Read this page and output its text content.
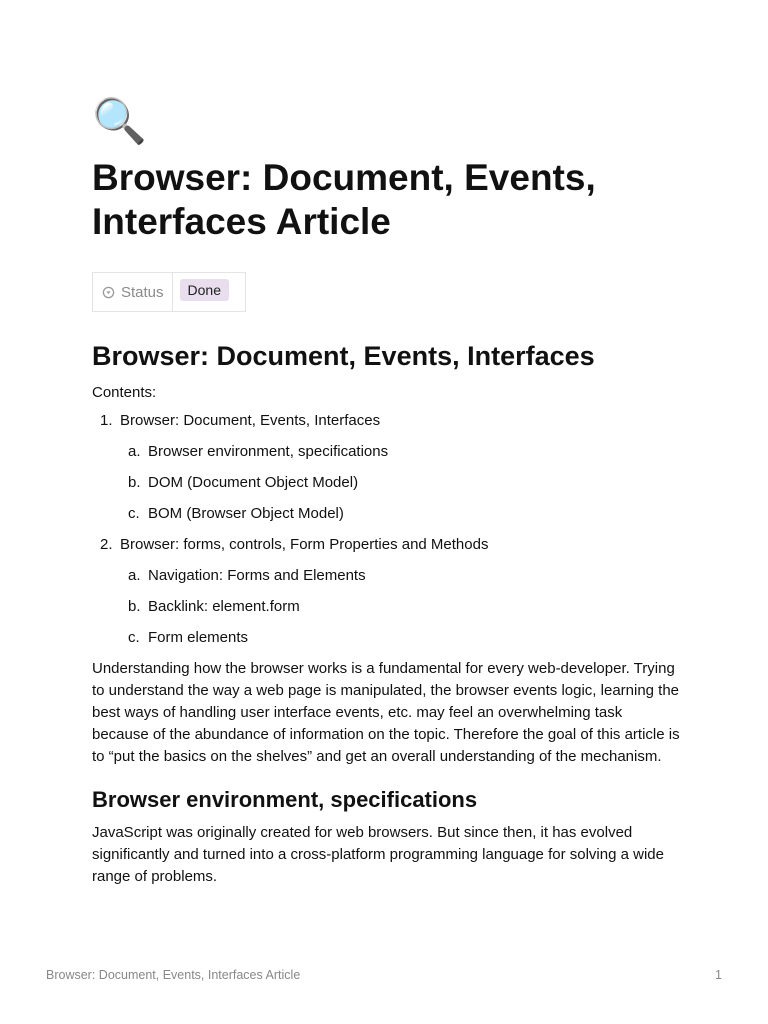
🔍
Browser: Document, Events, Interfaces Article
Status	Done
Browser: Document, Events, Interfaces

Contents:

1. Browser: Document, Events, Interfaces
a. Browser environment, specifications
b. DOM (Document Object Model)
c. BOM (Browser Object Model)
2. Browser: forms, controls, Form Properties and Methods
a. Navigation: Forms and Elements
b. Backlink: element.form
c. Form elements

Understanding how the browser works is a fundamental for every web-developer. Trying to understand the way a web page is manipulated, the browser events logic, learning the best ways of handling user interface events, etc. may feel an overwhelming task because of the abundance of information on the topic. Therefore the goal of this article is to “put the basics on the shelves” and get an overall understanding of the mechanism.

Browser environment, specifications

JavaScript was originally created for web browsers. But since then, it has evolved significantly and turned into a cross-platform programming language for solving a wide range of problems.

Browser: Document, Events, Interfaces Article	1
